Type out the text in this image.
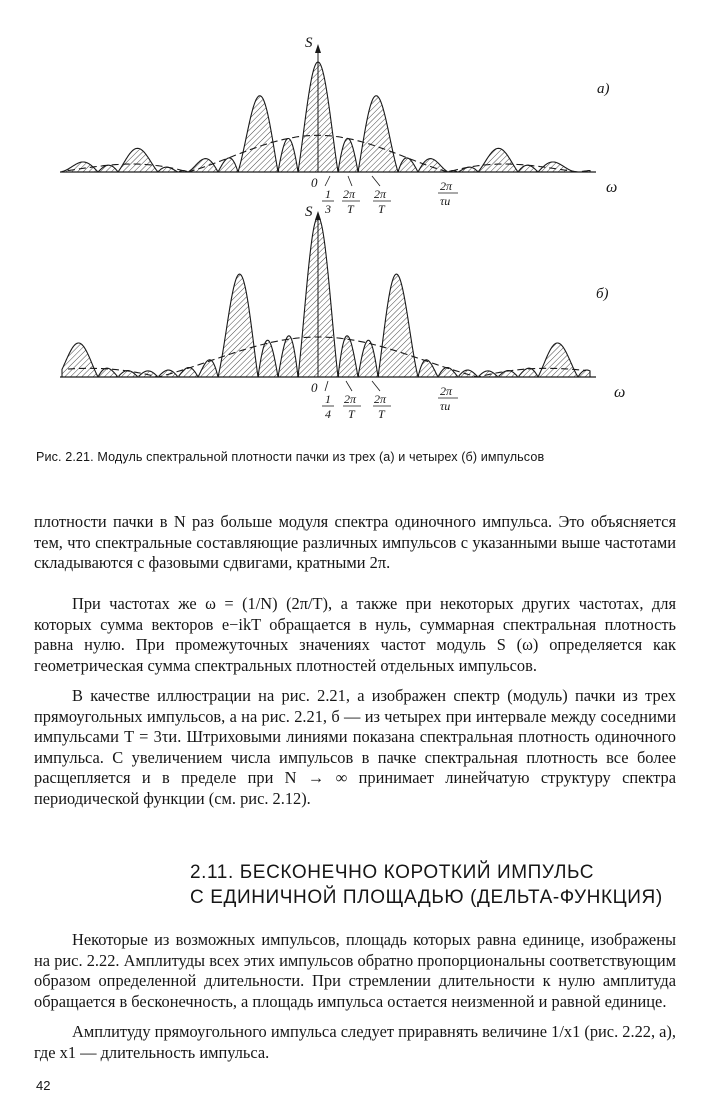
S
а)
ω
0
1
3
2π
T
2π
T
2π
τи
S
б)
ω
0
1
4
2π
T
2π
T
2π
τи
Рис. 2.21. Модуль спектральной плотности пачки из трех (а) и четырех (б) импульсов

плотности пачки в N раз больше модуля спектра одиночного импульса. Это объясняется тем, что спектральные составляющие различных импульсов с указанными выше частотами складываются с фазовыми сдвигами, кратными 2π.

При частотах же ω = (1/N) (2π/T), а также при некоторых других частотах, для которых сумма векторов e−ikT обращается в нуль, суммарная спектральная плотность равна нулю. При промежуточных значениях частот модуль S (ω) определяется как геометрическая сумма спектральных плотностей отдельных импульсов.

В качестве иллюстрации на рис. 2.21, а изображен спектр (модуль) пачки из трех прямоугольных импульсов, а на рис. 2.21, б — из четырех при интервале между соседними импульсами T = 3τи. Штриховыми линиями показана спектральная плотность одиночного импульса. С увеличением числа импульсов в пачке спектральная плотность все более расщепляется и в пределе при N → ∞ принимает линейчатую структуру спектра периодической функции (см. рис. 2.12).

2.11. БЕСКОНЕЧНО КОРОТКИЙ ИМПУЛЬС
С ЕДИНИЧНОЙ ПЛОЩАДЬЮ (ДЕЛЬТА-ФУНКЦИЯ)

Некоторые из возможных импульсов, площадь которых равна единице, изображены на рис. 2.22. Амплитуды всех этих импульсов обратно пропорциональны соответствующим образом определенной длительности. При стремлении длительности к нулю амплитуда обращается в бесконечность, а площадь импульса остается неизменной и равной единице.

Амплитуду прямоугольного импульса следует приравнять величине 1/x1 (рис. 2.22, а), где x1 — длительность импульса.

42
